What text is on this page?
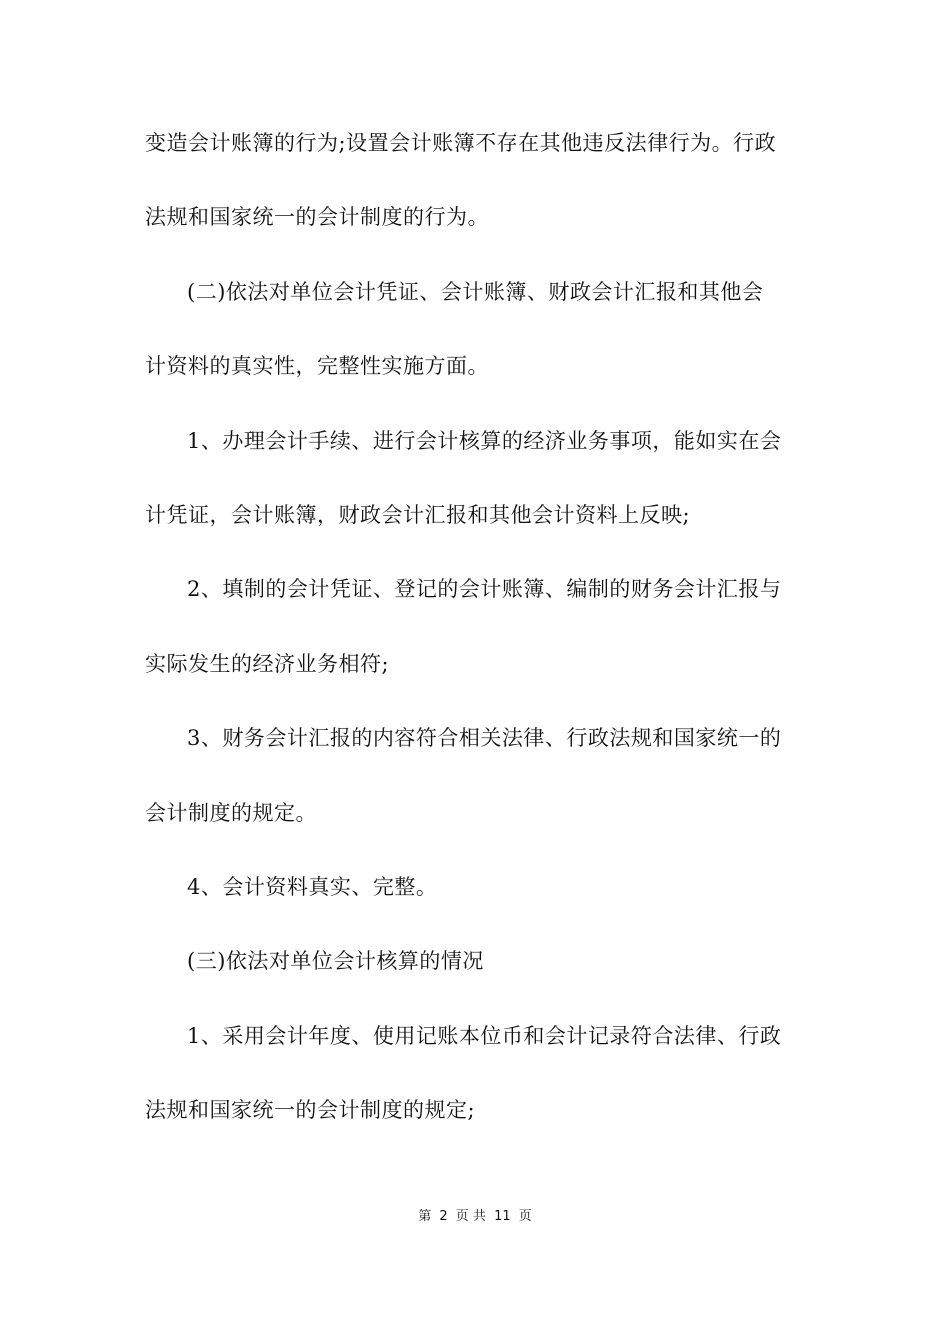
变造会计账簿的行为;设置会计账簿不存在其他违反法律行为。行政
法规和国家统一的会计制度的行为。
(二)依法对单位会计凭证、会计账簿、财政会计汇报和其他会
计资料的真实性，完整性实施方面。
1、办理会计手续、进行会计核算的经济业务事项，能如实在会
计凭证，会计账簿，财政会计汇报和其他会计资料上反映;
2、填制的会计凭证、登记的会计账簿、编制的财务会计汇报与
实际发生的经济业务相符;
3、财务会计汇报的内容符合相关法律、行政法规和国家统一的
会计制度的规定。
4、会计资料真实、完整。
(三)依法对单位会计核算的情况
1、采用会计年度、使用记账本位币和会计记录符合法律、行政
法规和国家统一的会计制度的规定;
第 2 页 共 11 页
